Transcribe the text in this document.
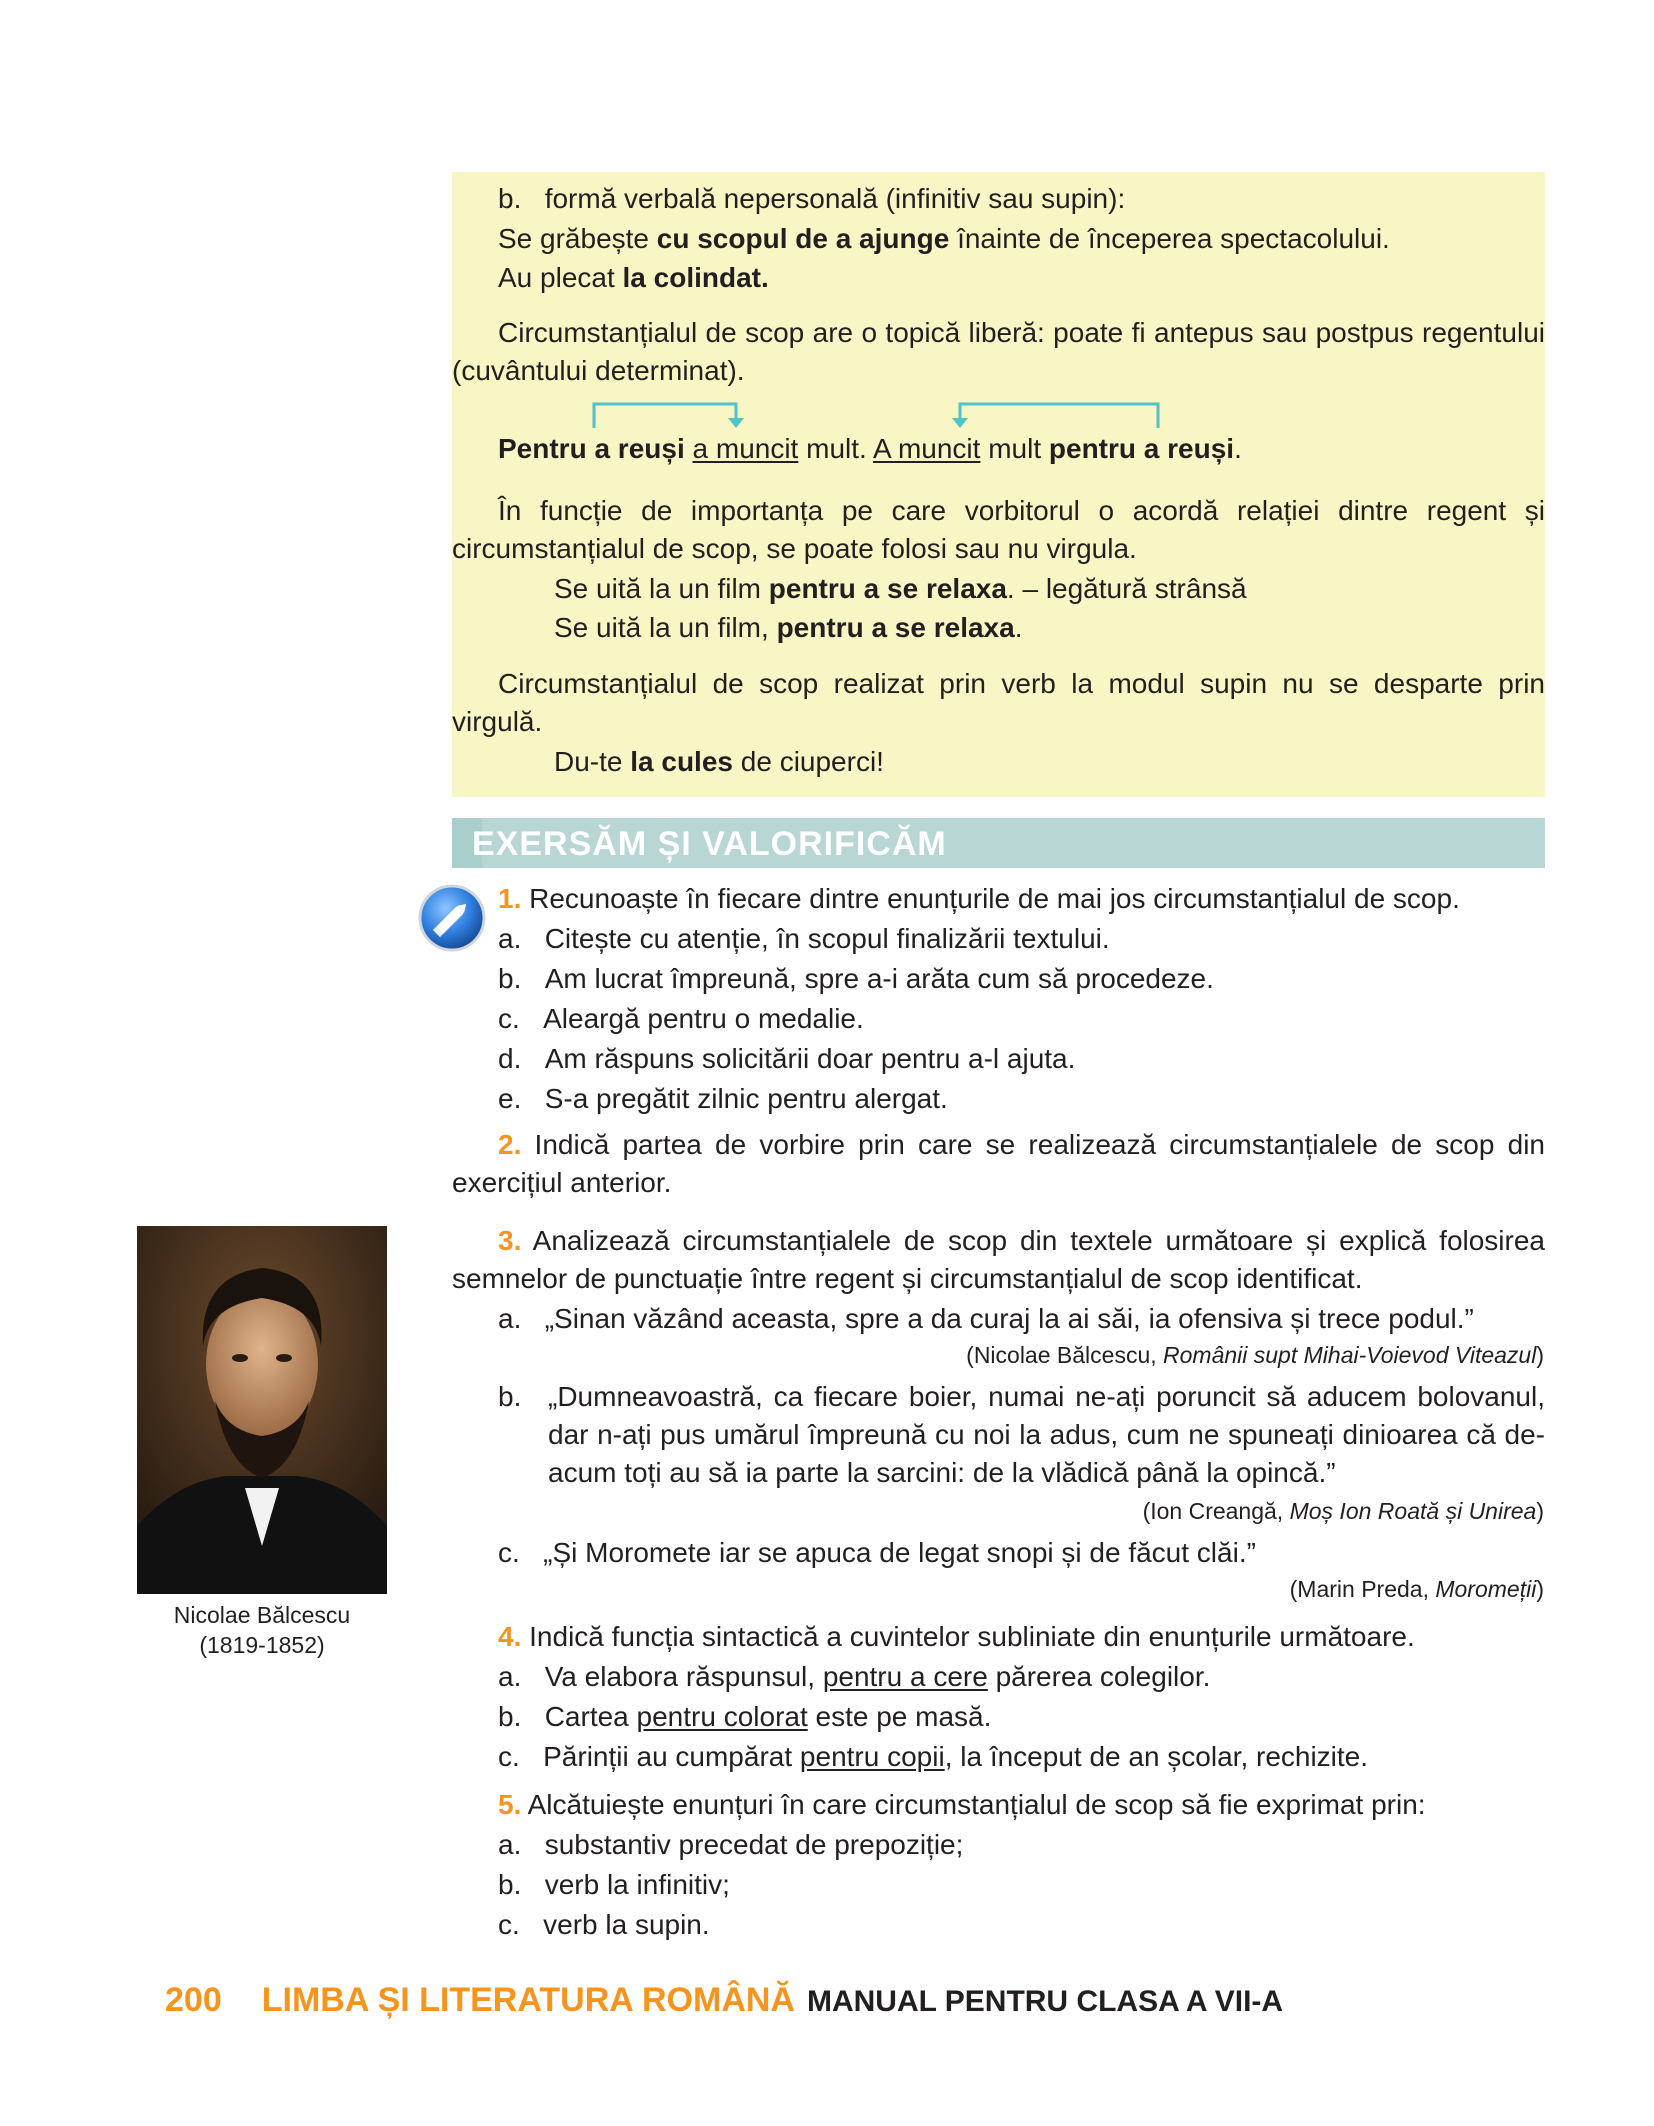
b. formă verbală nepersonală (infinitiv sau supin):
Se grăbește cu scopul de a ajunge înainte de începerea spectacolului.
Au plecat la colindat.
Circumstanțialul de scop are o topică liberă: poate fi antepus sau postpus regentului (cuvântului determinat).
Pentru a reuși a muncit mult. A muncit mult pentru a reuși.
În funcție de importanța pe care vorbitorul o acordă relației dintre regent și circumstanțialul de scop, se poate folosi sau nu virgula.
Se uită la un film pentru a se relaxa. – legătură strânsă
Se uită la un film, pentru a se relaxa.
Circumstanțialul de scop realizat prin verb la modul supin nu se desparte prin virgulă.
Du-te la cules de ciuperci!
EXERSĂM ȘI VALORIFICĂM
1. Recunoaște în fiecare dintre enunțurile de mai jos circumstanțialul de scop.
a. Citește cu atenție, în scopul finalizării textului.
b. Am lucrat împreună, spre a-i arăta cum să procedeze.
c. Aleargă pentru o medalie.
d. Am răspuns solicitării doar pentru a-l ajuta.
e. S-a pregătit zilnic pentru alergat.
2. Indică partea de vorbire prin care se realizează circumstanțialele de scop din exercițiul anterior.
Nicolae Bălcescu
(1819-1852)
3. Analizează circumstanțialele de scop din textele următoare și explică folosirea semnelor de punctuație între regent și circumstanțialul de scop identificat.
a. „Sinan văzând aceasta, spre a da curaj la ai săi, ia ofensiva și trece podul.”
(Nicolae Bălcescu, Românii supt Mihai-Voievod Viteazul)
b. „Dumneavoastră, ca fiecare boier, numai ne-ați poruncit să aducem bolovanul, dar n-ați pus umărul împreună cu noi la adus, cum ne spuneați dinioarea că de-acum toți au să ia parte la sarcini: de la vlădică până la opincă.”
(Ion Creangă, Moș Ion Roată și Unirea)
c. „Și Moromete iar se apuca de legat snopi și de făcut clăi.”
(Marin Preda, Moromeții)
4. Indică funcția sintactică a cuvintelor subliniate din enunțurile următoare.
a. Va elabora răspunsul, pentru a cere părerea colegilor.
b. Cartea pentru colorat este pe masă.
c. Părinții au cumpărat pentru copii, la început de an școlar, rechizite.
5. Alcătuiește enunțuri în care circumstanțialul de scop să fie exprimat prin:
a. substantiv precedat de prepoziție;
b. verb la infinitiv;
c. verb la supin.
200 LIMBA ȘI LITERATURA ROMÂNĂ MANUAL PENTRU CLASA A VII-A
